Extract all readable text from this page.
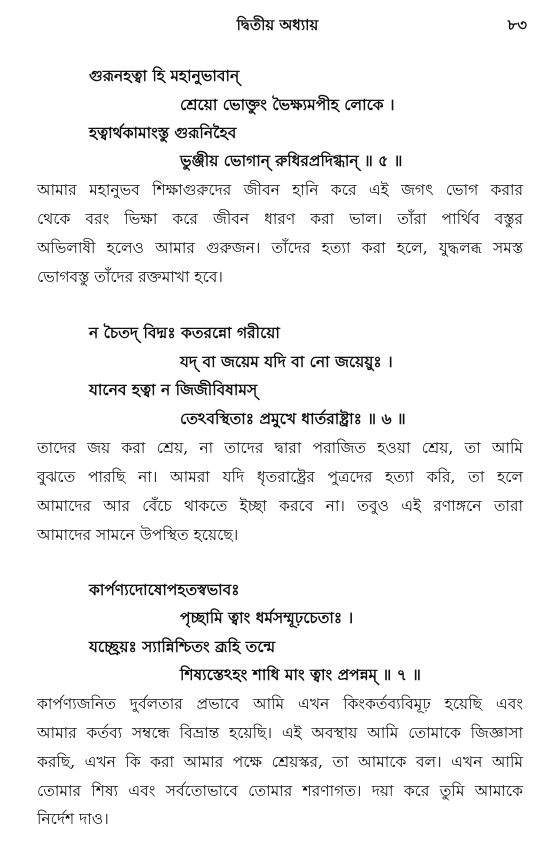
দ্বিতীয় অধ্যায়	৮৩
গুরূনহত্বা হি মহানুভাবান্‌
শ্রেয়ো ভোক্তুং ভৈক্ষ্যমপীহ লোকে ।
হত্বার্থকামাংস্তু গুরূনিহৈব
ভুঞ্জীয় ভোগান্‌ রুধিরপ্রদিগ্ধান্‌ ॥ ৫ ॥
আমার মহানুভব শিক্ষাগুরুদের জীবন হানি করে এই জগৎ ভোগ করার
থেকে বরং ভিক্ষা করে জীবন ধারণ করা ভাল। তাঁরা পার্থিব বস্তুর
অভিলাষী হলেও আমার গুরুজন। তাঁদের হত্যা করা হলে, যুদ্ধলব্ধ সমস্ত
ভোগবস্তু তাঁদের রক্তমাখা হবে।
ন চৈতদ্‌ বিদ্মঃ কতরন্নো গরীয়ো
যদ্‌ বা জয়েম যদি বা নো জয়েয়ুঃ ।
যানেব হত্বা ন জিজীবিষামস্‌
তেঽবস্থিতাঃ প্রমুখে ধার্তরাষ্ট্রাঃ ॥ ৬ ॥
তাদের জয় করা শ্রেয়, না তাদের দ্বারা পরাজিত হওয়া শ্রেয়, তা আমি
বুঝতে পারছি না। আমরা যদি ধৃতরাষ্ট্রের পুত্রদের হত্যা করি, তা হলে
আমাদের আর বেঁচে থাকতে ইচ্ছা করবে না। তবুও এই রণাঙ্গনে তারা
আমাদের সামনে উপস্থিত হয়েছে।
কার্পণ্যদোষোপহতস্বভাবঃ
পৃচ্ছামি ত্বাং ধর্মসম্মূঢ়চেতাঃ ।
যচ্ছ্রেয়ঃ স্যান্নিশ্চিতং ব্রূহি তন্মে
শিষ্যস্তেঽহং শাধি মাং ত্বাং প্রপন্নম্‌ ॥ ৭ ॥
কার্পণ্যজনিত দুর্বলতার প্রভাবে আমি এখন কিংকর্তব্যবিমূঢ় হয়েছি এবং
আমার কর্তব্য সম্বন্ধে বিভ্রান্ত হয়েছি। এই অবস্থায় আমি তোমাকে জিজ্ঞাসা
করছি, এখন কি করা আমার পক্ষে শ্রেয়স্কর, তা আমাকে বল। এখন আমি
তোমার শিষ্য এবং সর্বতোভাবে তোমার শরণাগত। দয়া করে তুমি আমাকে
নির্দেশ দাও।
